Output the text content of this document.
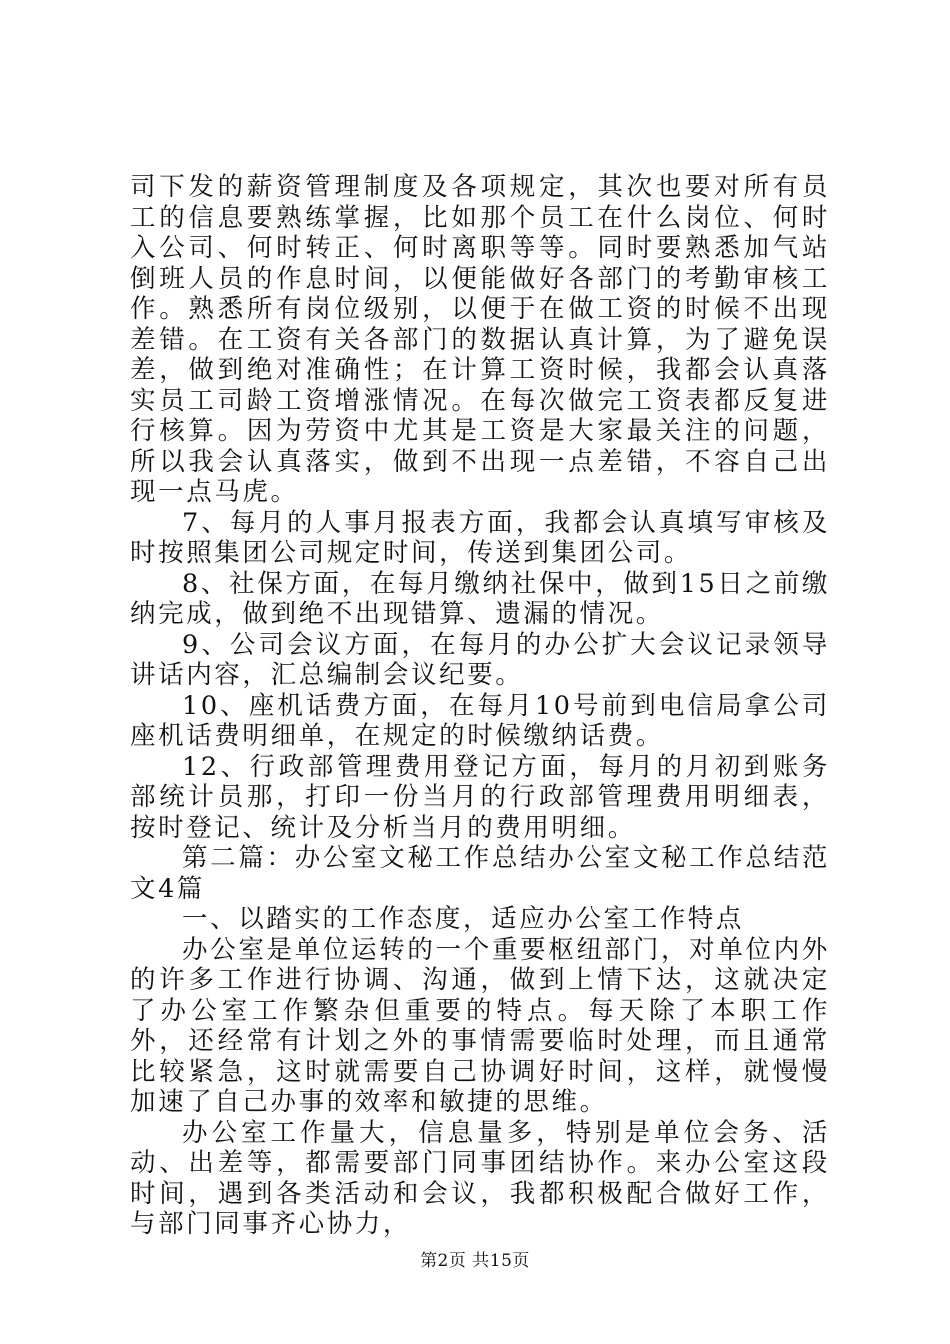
司下发的薪资管理制度及各项规定，其次也要对所有员工的信息要熟练掌握，比如那个员工在什么岗位、何时入公司、何时转正、何时离职等等。同时要熟悉加气站倒班人员的作息时间，以便能做好各部门的考勤审核工作。熟悉所有岗位级别，以便于在做工资的时候不出现差错。在工资有关各部门的数据认真计算，为了避免误差，做到绝对准确性；在计算工资时候，我都会认真落实员工司龄工资增涨情况。在每次做完工资表都反复进行核算。因为劳资中尤其是工资是大家最关注的问题，所以我会认真落实，做到不出现一点差错，不容自己出现一点马虎。

7、每月的人事月报表方面，我都会认真填写审核及时按照集团公司规定时间，传送到集团公司。

8、社保方面，在每月缴纳社保中，做到15日之前缴纳完成，做到绝不出现错算、遗漏的情况。

9、公司会议方面，在每月的办公扩大会议记录领导讲话内容，汇总编制会议纪要。

10、座机话费方面，在每月10号前到电信局拿公司座机话费明细单，在规定的时候缴纳话费。

12、行政部管理费用登记方面，每月的月初到账务部统计员那，打印一份当月的行政部管理费用明细表，按时登记、统计及分析当月的费用明细。

第二篇：办公室文秘工作总结办公室文秘工作总结范文4篇

一、以踏实的工作态度，适应办公室工作特点

办公室是单位运转的一个重要枢纽部门，对单位内外的许多工作进行协调、沟通，做到上情下达，这就决定了办公室工作繁杂但重要的特点。每天除了本职工作外，还经常有计划之外的事情需要临时处理，而且通常比较紧急，这时就需要自己协调好时间，这样，就慢慢加速了自己办事的效率和敏捷的思维。

办公室工作量大，信息量多，特别是单位会务、活动、出差等，都需要部门同事团结协作。来办公室这段时间，遇到各类活动和会议，我都积极配合做好工作，与部门同事齐心协力，

第2页 共15页
